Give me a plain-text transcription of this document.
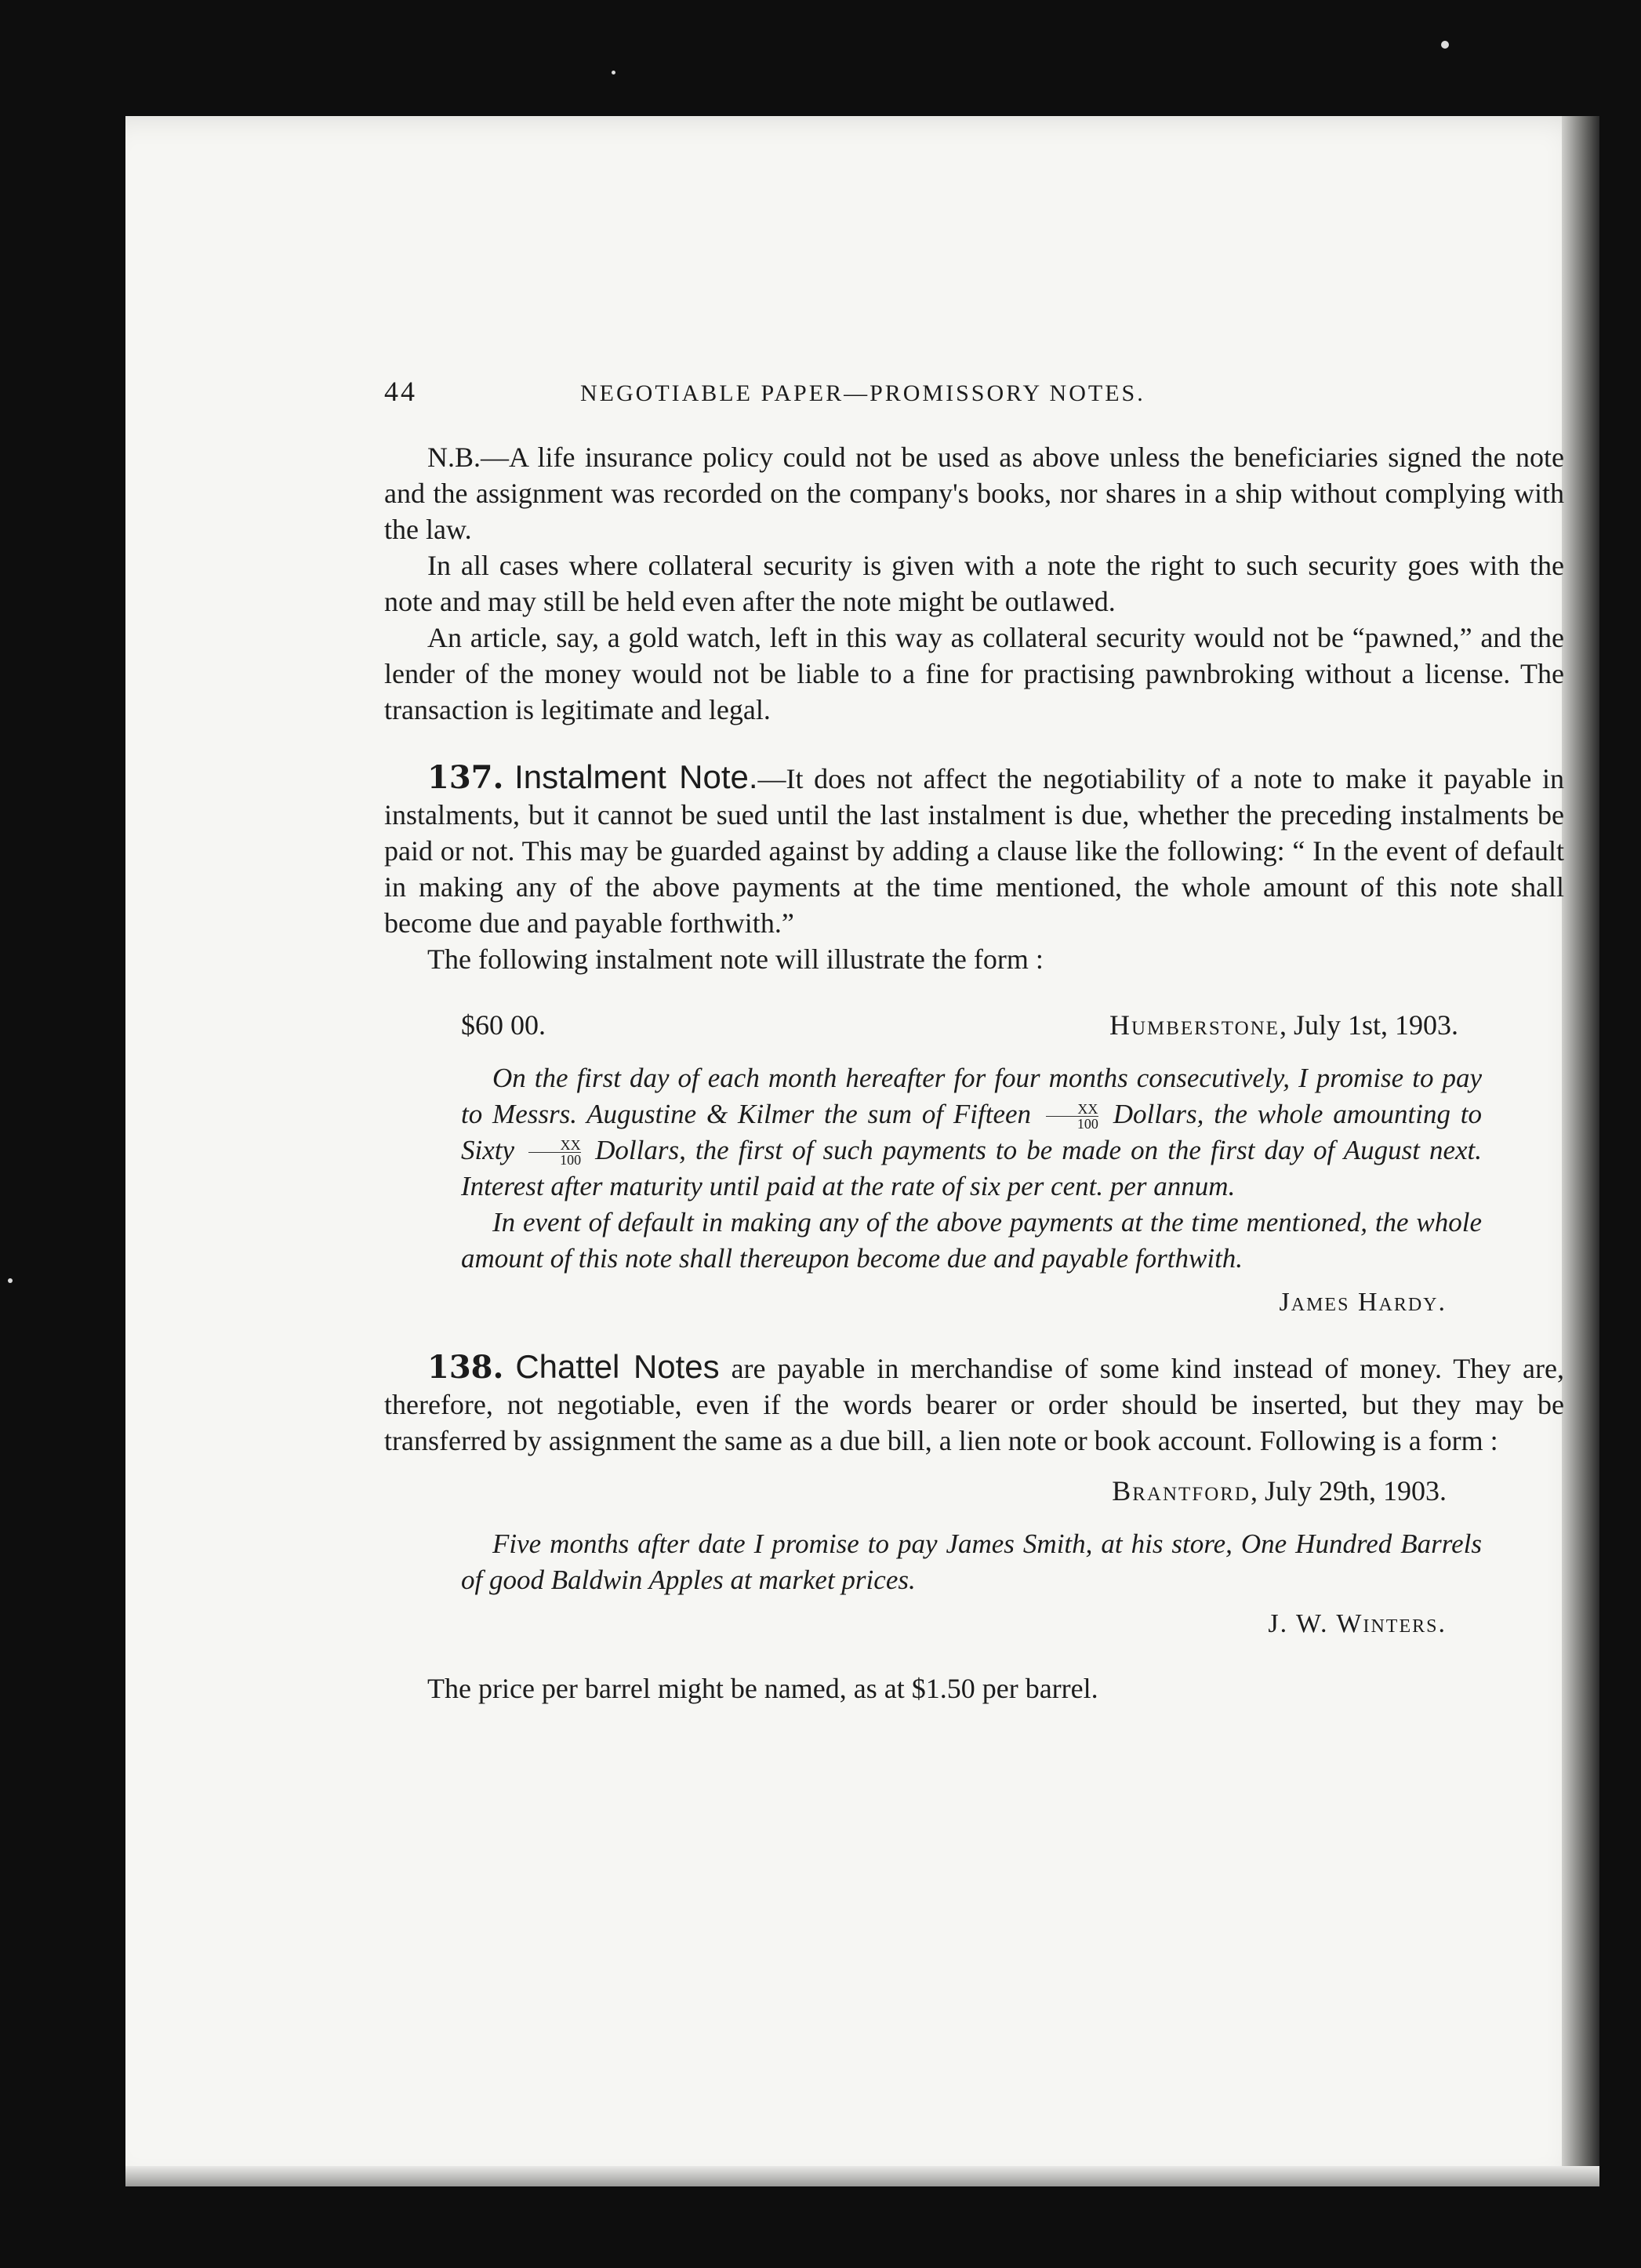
44	NEGOTIABLE PAPER—PROMISSORY NOTES.

N.B.—A life insurance policy could not be used as above unless the beneficiaries signed the note and the assignment was recorded on the company's books, nor shares in a ship without complying with the law.

In all cases where collateral security is given with a note the right to such security goes with the note and may still be held even after the note might be outlawed.

An article, say, a gold watch, left in this way as collateral security would not be “pawned,” and the lender of the money would not be liable to a fine for practising pawnbroking without a license. The transaction is legitimate and legal.

137. Instalment Note.—It does not affect the negotiability of a note to make it payable in instalments, but it cannot be sued until the last instalment is due, whether the preceding instalments be paid or not. This may be guarded against by adding a clause like the following: “ In the event of default in making any of the above payments at the time mentioned, the whole amount of this note shall become due and payable forthwith.”

The following instalment note will illustrate the form :

$60 00.	Humberstone, July 1st, 1903.
On the first day of each month hereafter for four months consecutively, I promise to pay to Messrs. Augustine & Kilmer the sum of Fifteen $\frac{XX}{100}$ Dollars, the whole amounting to Sixty $\frac{XX}{100}$ Dollars, the first of such payments to be made on the first day of August next. Interest after maturity until paid at the rate of six per cent. per annum.
In event of default in making any of the above payments at the time mentioned, the whole amount of this note shall thereupon become due and payable forthwith.
James Hardy.

138. Chattel Notes are payable in merchandise of some kind instead of money. They are, therefore, not negotiable, even if the words bearer or order should be inserted, but they may be transferred by assignment the same as a due bill, a lien note or book account. Following is a form :

Brantford, July 29th, 1903.
Five months after date I promise to pay James Smith, at his store, One Hundred Barrels of good Baldwin Apples at market prices.
J. W. Winters.

The price per barrel might be named, as at $1.50 per barrel.
